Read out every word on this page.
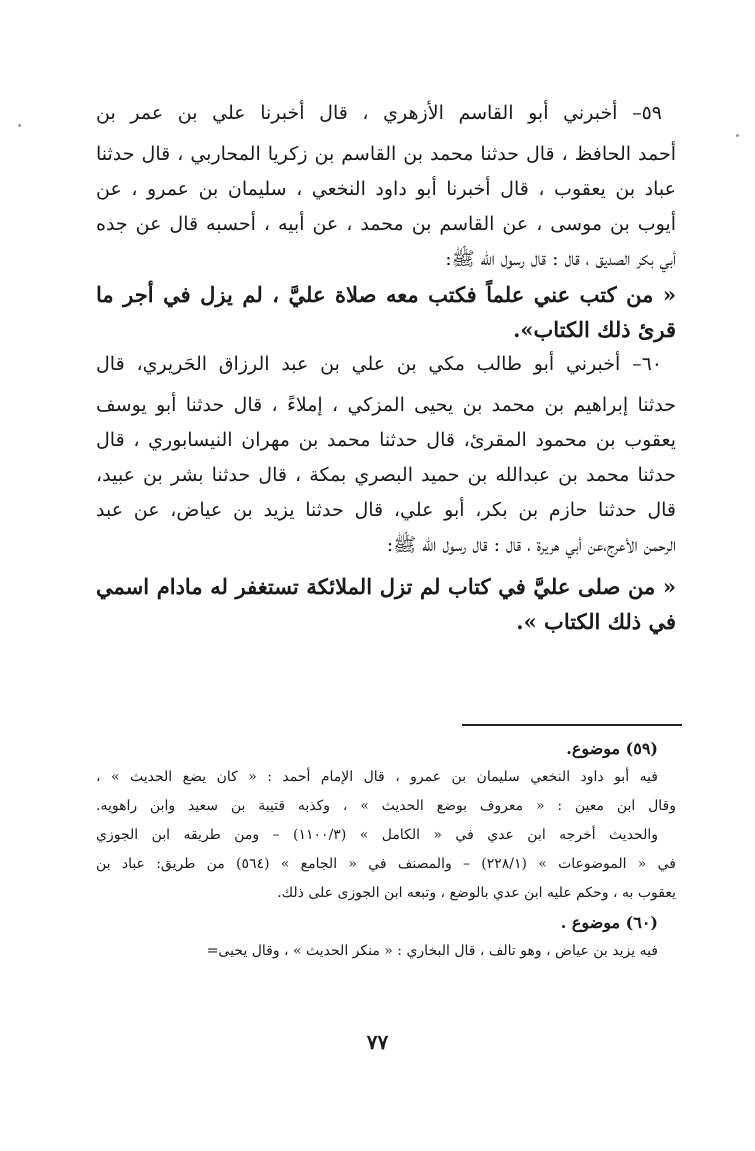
٥٩– أخبرني أبو القاسم الأزهري ، قال أخبرنا علي بن عمر بن
أحمد الحافظ ، قال حدثنا محمد بن القاسم بن زكريا المحاربي ، قال حدثنا
عباد بن يعقوب ، قال أخبرنا أبو داود النخعي ، سليمان بن عمرو ، عن
أيوب بن موسى ، عن القاسم بن محمد ، عن أبيه ، أحسبه قال عن جده
أبي بكر الصديق ، قال : قال رسول الله ﷺ:
« من كتب عني علماً فكتب معه صلاة عليَّ ، لم يزل في أجر ما
قرئ ذلك الكتاب».
٦٠– أخبرني أبو طالب مكي بن علي بن عبد الرزاق الحَريري، قال
حدثنا إبراهيم بن محمد بن يحيى المزكي ، إملاءً ، قال حدثنا أبو يوسف
يعقوب بن محمود المقرئ، قال حدثنا محمد بن مهران النيسابوري ، قال
حدثنا محمد بن عبدالله بن حميد البصري بمكة ، قال حدثنا بشر بن عبيد،
قال حدثنا حازم بن بكر، أبو علي، قال حدثنا يزيد بن عياض، عن عبد
الرحمن الأعرج،عن أبي هريرة ، قال : قال رسول الله ﷺ:
« من صلى عليَّ في كتاب لم تزل الملائكة تستغفر له مادام اسمي
في ذلك الكتاب ».
(٥٩) موضوع.
فيه أبو داود النخعي سليمان بن عمرو ، قال الإمام أحمد : « كان يضع الحديث » ،
وقال ابن معين : « معروف بوضع الحديث » ، وكذبه قتيبة بن سعيد وابن راهويه.
والحديث أخرجه ابن عدي في « الكامل » (١١٠٠/٣) – ومن طريقه ابن الجوزي
في « الموضوعات » (٢٢٨/١) – والمصنف في « الجامع » (٥٦٤) من طريق: عباد بن
يعقوب به ، وحكم عليه ابن عدي بالوضع ، وتبعه ابن الجوزى على ذلك.
(٦٠) موضوع .
فيه يزيد بن عياض ، وهو تالف ، قال البخاري : « منكر الحديث » ، وقال يحيى=
٧٧
